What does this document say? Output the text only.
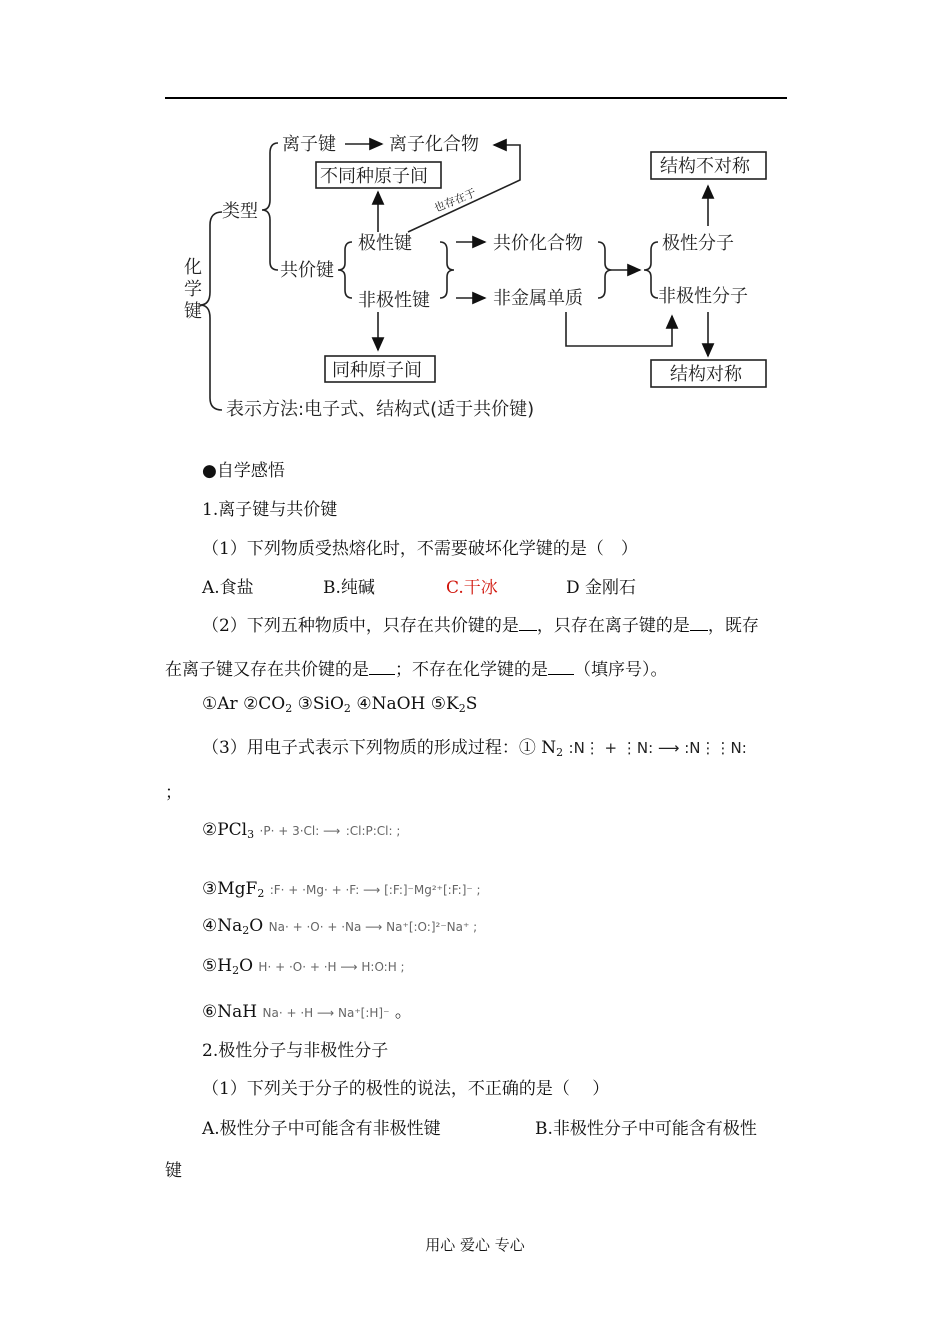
化学键
类型
离子键	离子化合物
不同种原子间
也存在于
共价键
极性键
非极性键
共价化合物
非金属单质
同种原子间
极性分子
非极性分子
结构不对称
结构对称
表示方法:电子式、结构式(适于共价键)
●自学感悟
1.离子键与共价键
（1）下列物质受热熔化时，不需要破坏化学键的是（　）
A.食盐	B.纯碱	C.干冰	D 金刚石
（2）下列五种物质中，只存在共价键的是 ，只存在离子键的是 ，既存
在离子键又存在共价键的是 ；不存在化学键的是 （填序号）。
①Ar $②CO_2$ ③SiO$_2$ ④NaOH $⑤K_2S$
（3）用电子式表示下列物质的形成过程：① $N_2$ :N⋮ + ⋮N: ⟶ :N⋮⋮N:
；
②PCl$_3$ ·P· + 3·Cl: ⟶ :Cl:P:Cl: ;
③MgF$_2$ :F· + ·Mg· + ·F: ⟶ [:F:]⁻Mg²⁺[:F:]⁻ ;
$④Na_2O$ Na· + ·O· + ·Na ⟶ Na⁺[:O:]²⁻Na⁺ ;
$⑤H_2O$ H· + ·O· + ·H ⟶ H:O:H ;
⑥NaH Na· + ·H ⟶ Na⁺[:H]⁻ 。
2.极性分子与非极性分子
（1）下列关于分子的极性的说法，不正确的是（　 ）
A.极性分子中可能含有非极性键	B.非极性分子中可能含有极性
键
用心 爱心 专心
